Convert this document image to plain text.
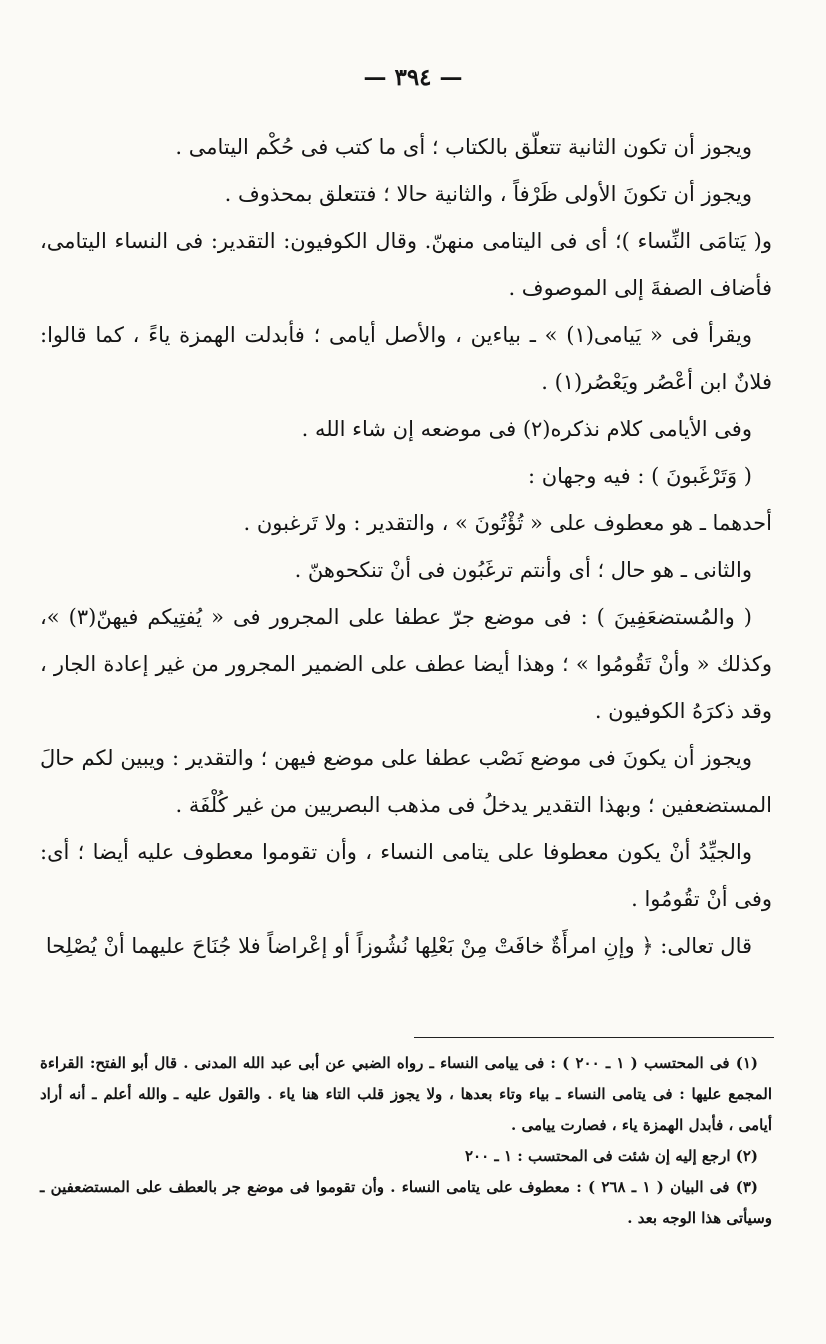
— ٣٩٤ —

ويجوز أن تكون الثانية تتعلّق بالكتاب ؛ أى ما كتب فى حُكْم اليتامى .

ويجوز أن تكونَ الأولى ظَرْفاً ، والثانية حالا ؛ فتتعلق بمحذوف .

و( يَتامَى النِّساء )؛ أى فى اليتامى منهنّ. وقال الكوفيون: التقدير: فى النساء اليتامى، فأضاف الصفةَ إلى الموصوف .

ويقرأ فى « يَيامى(١) » ـ بياءين ، والأصل أيامى ؛ فأبدلت الهمزة ياءً ، كما قالوا: فلانٌ ابن أعْصُر ويَعْصُر(١) .

وفى الأيامى كلام نذكره(٢) فى موضعه إن شاء الله .

( وَتَرْغَبونَ ) : فيه وجهان :

أحدهما ـ هو معطوف على « تُؤْتُونَ » ، والتقدير : ولا تَرغبون .

والثانى ـ هو حال ؛ أى وأنتم ترغَبُون فى أنْ تنكحوهنّ .

( والمُستضعَفِينَ ) : فى موضع جرّ عطفا على المجرور فى « يُفتِيكم فيهنّ(٣) »، وكذلك « وأنْ تَقُومُوا » ؛ وهذا أيضا عطف على الضمير المجرور من غير إعادة الجار ، وقد ذكرَهُ الكوفيون .

ويجوز أن يكونَ فى موضع نَصْب عطفا على موضع فيهن ؛ والتقدير : ويبين لكم حالَ المستضعفين ؛ وبهذا التقدير يدخلُ فى مذهب البصريين من غير كُلْفَة .

والجيِّدُ أنْ يكون معطوفا على يتامى النساء ، وأن تقوموا معطوف عليه أيضا ؛ أى: وفى أنْ تقُومُوا .

قال تعالى: ﴿ وإنِ امرأَةٌ خافَتْ مِنْ بَعْلِها نُشُوزاً أو إعْراضاً فلا جُنَاحَ عليهما أنْ يُصْلِحا

(١) فى المحتسب ( ١ ـ ٢٠٠ ) : فى ييامى النساء ـ رواه الضبي عن أبى عبد الله المدنى . قال أبو الفتح: القراءة المجمع عليها : فى يتامى النساء ـ بياء وتاء بعدها ، ولا يجوز قلب التاء هنا ياء . والقول عليه ـ والله أعلم ـ أنه أراد أيامى ، فأبدل الهمزة ياء ، فصارت ييامى .

(٢) ارجع إليه إن شئت فى المحتسب : ١ ـ ٢٠٠

(٣) فى البيان ( ١ ـ ٢٦٨ ) : معطوف على يتامى النساء . وأن تقوموا فى موضع جر بالعطف على المستضعفين ـ وسيأتى هذا الوجه بعد .
